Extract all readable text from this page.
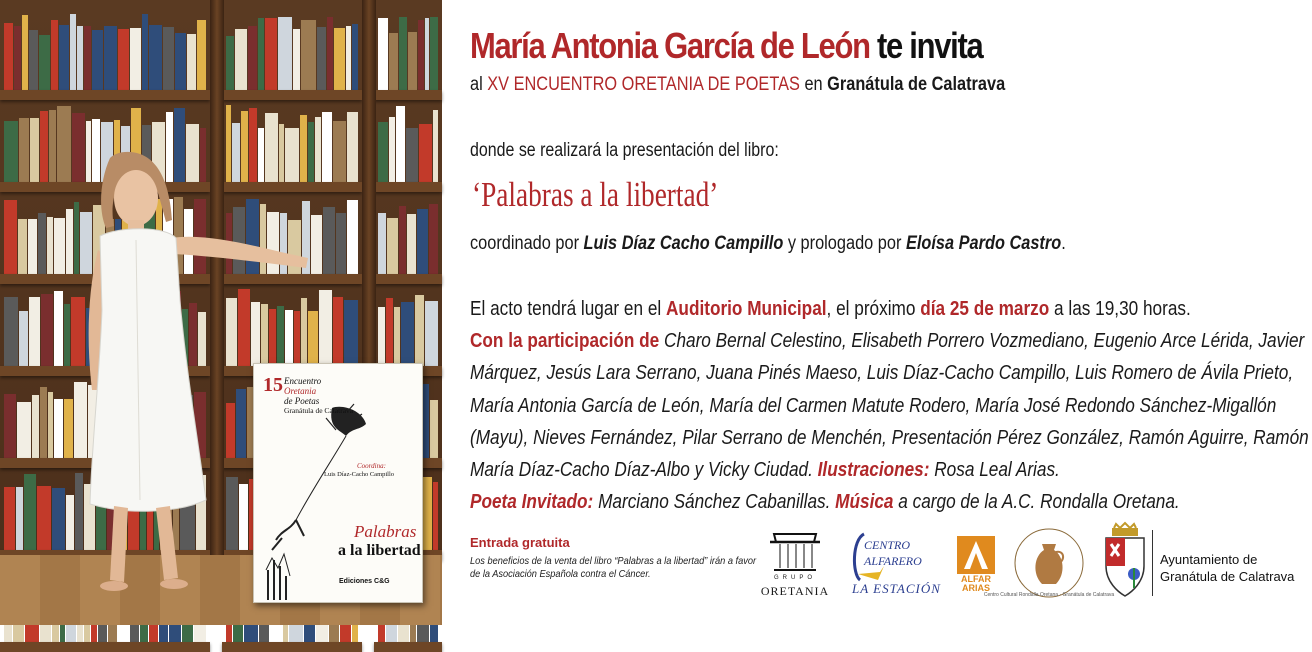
15 Encuentro
Oretania
de Poetas
Granátula de Calatrava
Coordina:
Luis Díaz-Cacho Campillo
Palabras
a la libertad
Ediciones C&G
María Antonia García de León te invita
al XV ENCUENTRO ORETANIA DE POETAS en Granátula de Calatrava
donde se realizará la presentación del libro:
‘Palabras a la libertad’
coordinado por Luis Díaz Cacho Campillo y prologado por Eloísa Pardo Castro.
El acto tendrá lugar en el Auditorio Municipal, el próximo día 25 de marzo a las 19,30 horas.
Con la participación de Charo Bernal Celestino, Elisabeth Porrero Vozmediano, Eugenio Arce Lérida, Javier
Márquez, Jesús Lara Serrano, Juana Pinés Maeso, Luis Díaz-Cacho Campillo, Luis Romero de Ávila Prieto,
María Antonia García de León, María del Carmen Matute Rodero, María José Redondo Sánchez-Migallón
(Mayu), Nieves Fernández, Pilar Serrano de Menchén, Presentación Pérez González, Ramón Aguirre, Ramón
María Díaz-Cacho Díaz-Albo y Vicky Ciudad. Ilustraciones: Rosa Leal Arias.
Poeta Invitado: Marciano Sánchez Cabanillas. Música a cargo de la A.C. Rondalla Oretana.
Entrada gratuita
Los beneficios de la venta del libro “Palabras a la libertad” irán a favor de la Asociación Española contra el Cáncer.	GRUPO
ORETANIA
CENTRO
ALFARERO
LA ESTACIÓN
ALFAR
ARIAS
Centro Cultural Rondalla Oretana · Granátula de Calatrava
Ayuntamiento de
Granátula de Calatrava
